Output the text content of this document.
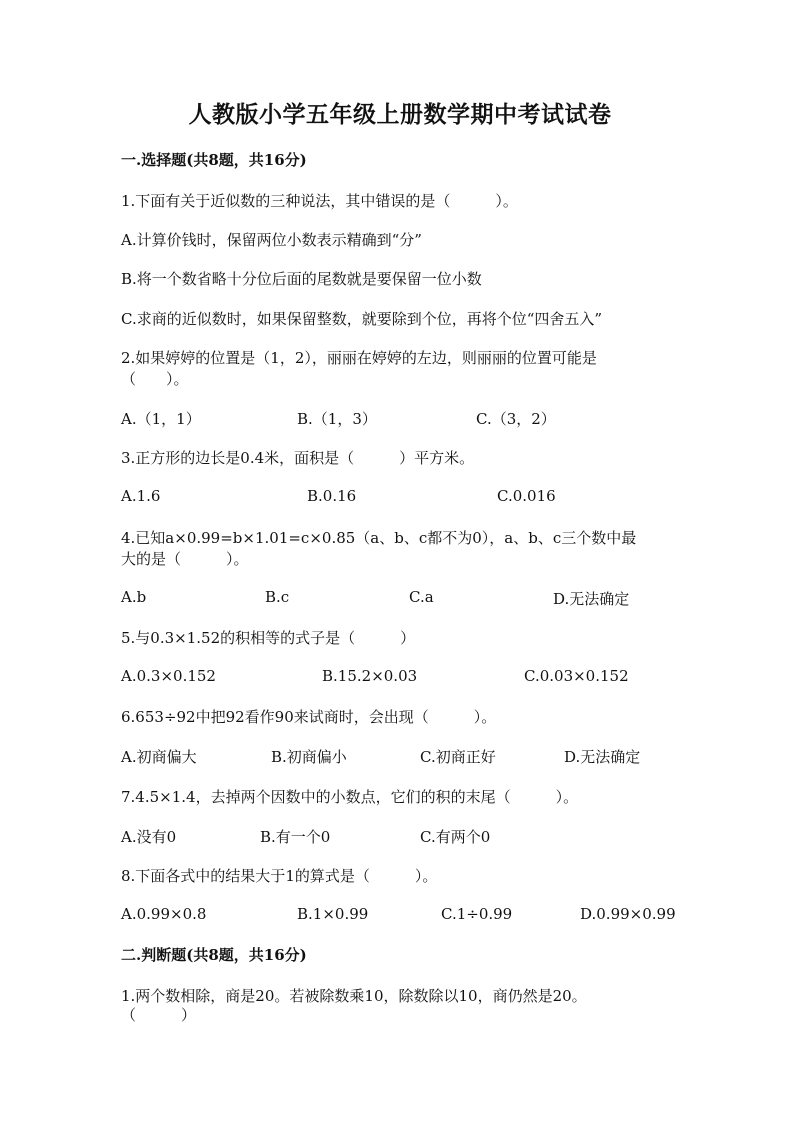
人教版小学五年级上册数学期中考试试卷
一.选择题(共8题，共16分)
1.下面有关于近似数的三种说法，其中错误的是（　　　）。
A.计算价钱时，保留两位小数表示精确到“分”
B.将一个数省略十分位后面的尾数就是要保留一位小数
C.求商的近似数时，如果保留整数，就要除到个位，再将个位“四舍五入”
2.如果婷婷的位置是（1，2），丽丽在婷婷的左边，则丽丽的位置可能是
（　　）。
A.（1，1）	B.（1，3）	C.（3，2）
3.正方形的边长是0.4米，面积是（　　　）平方米。
A.1.6	B.0.16	C.0.016
4.已知a×0.99=b×1.01=c×0.85（a、b、c都不为0），a、b、c三个数中最
大的是（　　　）。
A.b	B.c	C.a	D.无法确定
5.与0.3×1.52的积相等的式子是（　　　）
A.0.3×0.152	B.15.2×0.03	C.0.03×0.152
6.653÷92中把92看作90来试商时，会出现（　　　）。
A.初商偏大	B.初商偏小	C.初商正好	D.无法确定
7.4.5×1.4，去掉两个因数中的小数点，它们的积的末尾（　　　）。
A.没有0	B.有一个0	C.有两个0
8.下面各式中的结果大于1的算式是（　　　）。
A.0.99×0.8	B.1×0.99	C.1÷0.99	D.0.99×0.99
二.判断题(共8题，共16分)
1.两个数相除，商是20。若被除数乘10，除数除以10，商仍然是20。
（　　　）
